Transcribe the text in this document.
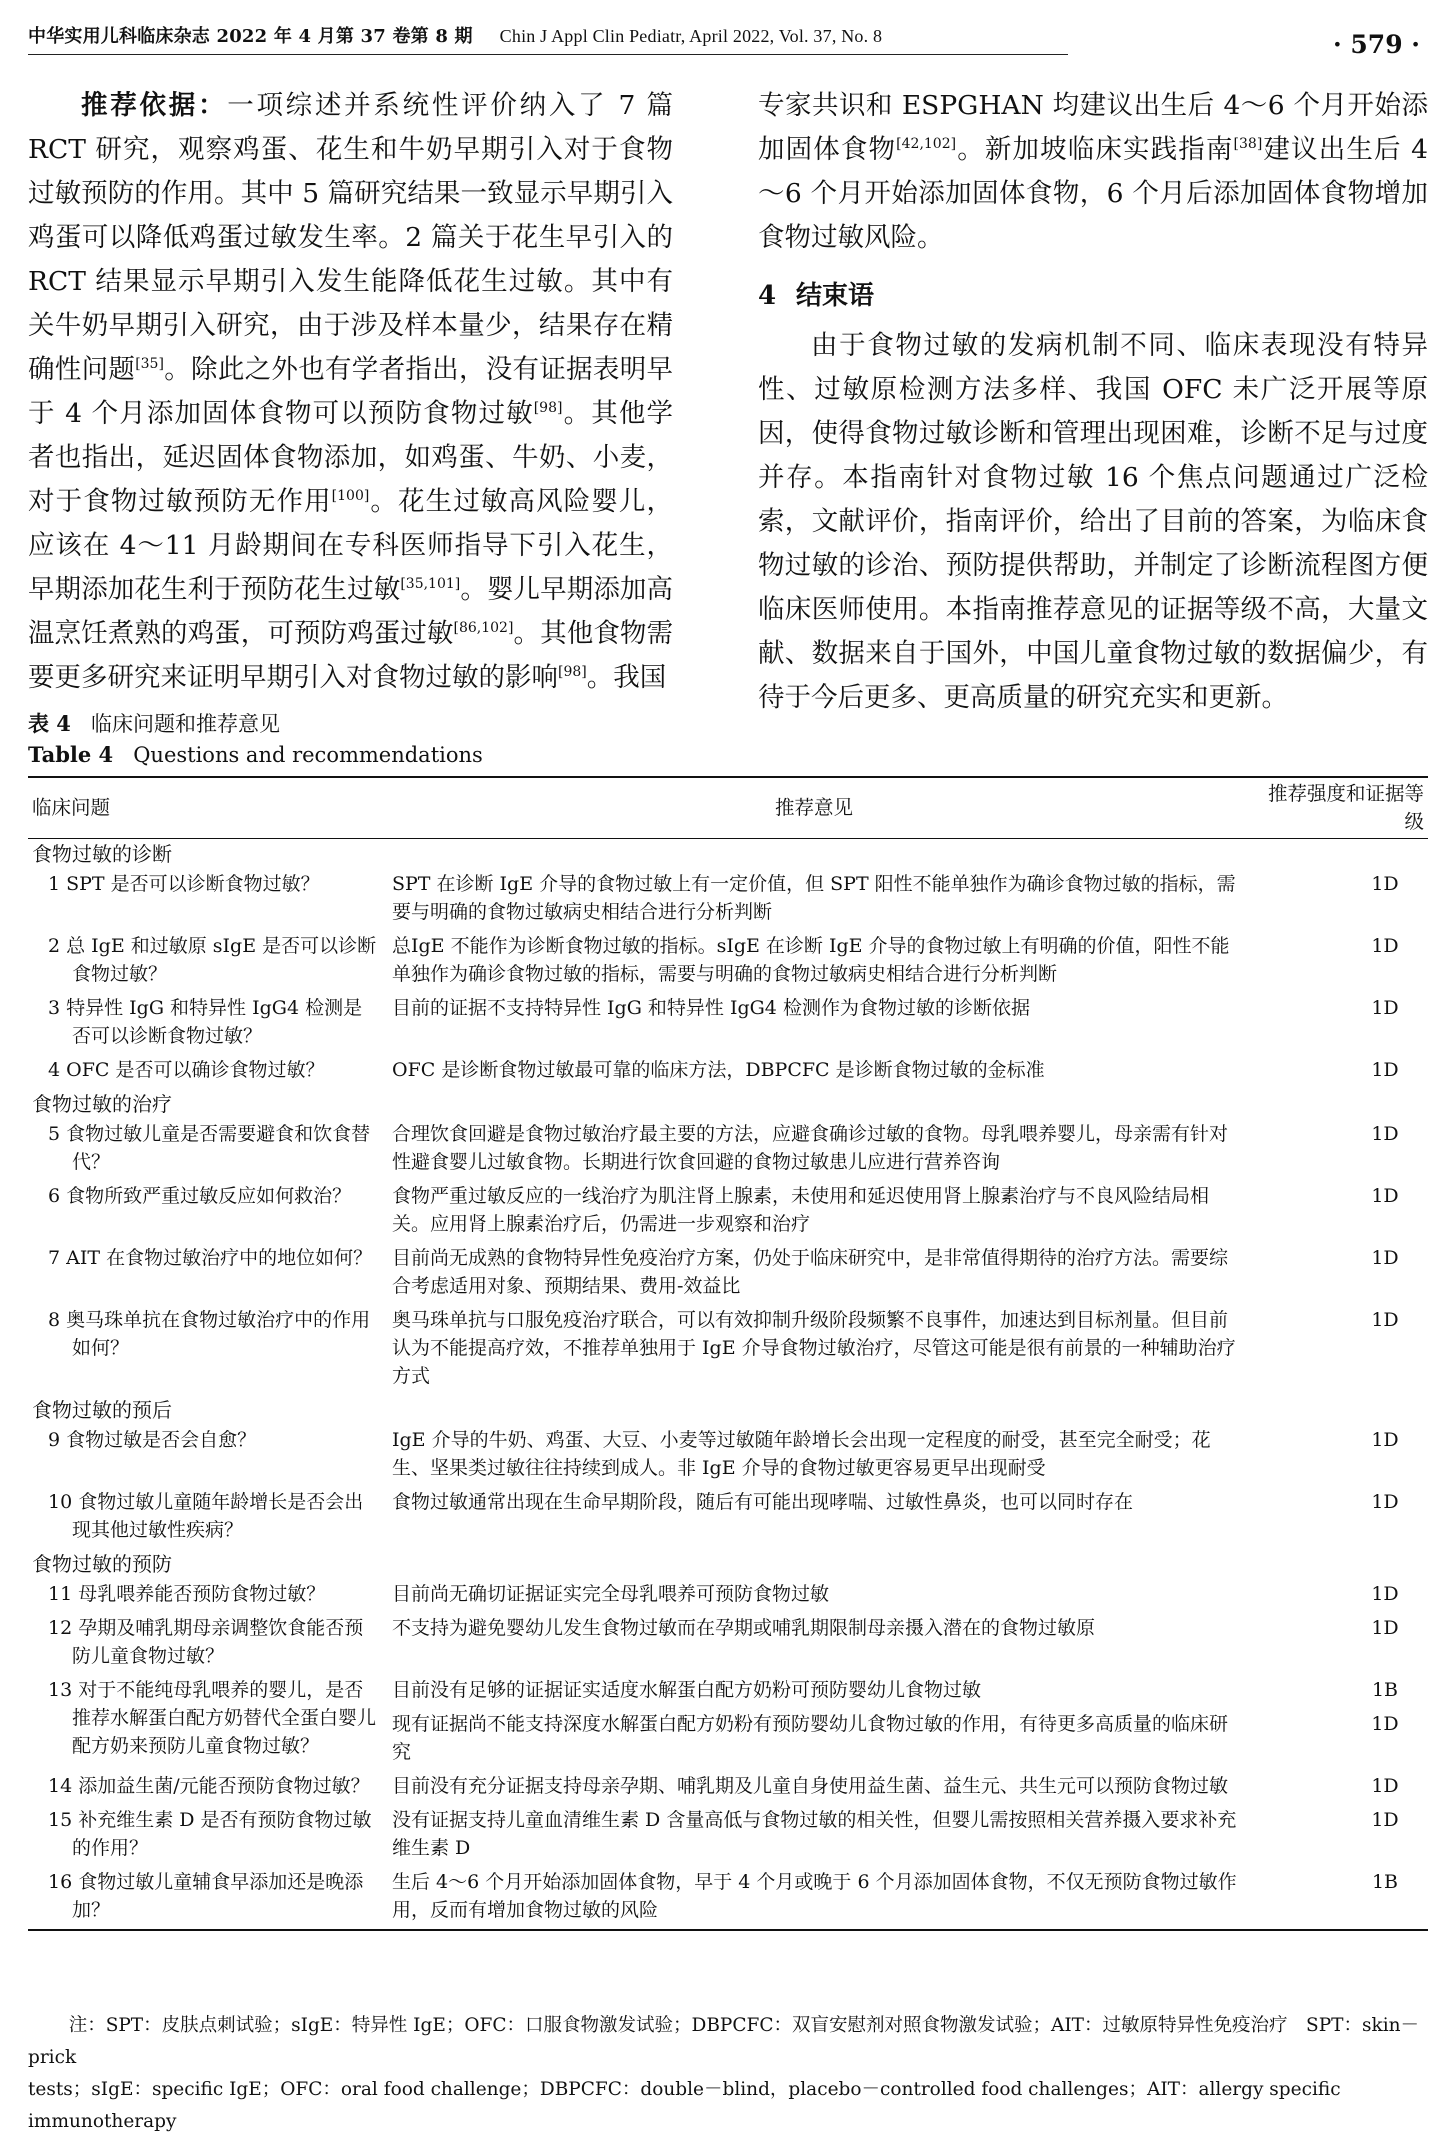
中华实用儿科临床杂志 2022 年 4 月第 37 卷第 8 期 Chin J Appl Clin Pediatr, April 2022, Vol. 37, No. 8	· 579 ·

推荐依据：一项综述并系统性评价纳入了 7 篇 RCT 研究，观察鸡蛋、花生和牛奶早期引入对于食物过敏预防的作用。其中 5 篇研究结果一致显示早期引入鸡蛋可以降低鸡蛋过敏发生率。2 篇关于花生早引入的 RCT 结果显示早期引入发生能降低花生过敏。其中有关牛奶早期引入研究，由于涉及样本量少，结果存在精确性问题[35]。除此之外也有学者指出，没有证据表明早于 4 个月添加固体食物可以预防食物过敏[98]。其他学者也指出，延迟固体食物添加，如鸡蛋、牛奶、小麦，对于食物过敏预防无作用[100]。花生过敏高风险婴儿，应该在 4～11 月龄期间在专科医师指导下引入花生，早期添加花生利于预防花生过敏[35,101]。婴儿早期添加高温烹饪煮熟的鸡蛋，可预防鸡蛋过敏[86,102]。其他食物需要更多研究来证明早期引入对食物过敏的影响[98]。我国

专家共识和 ESPGHAN 均建议出生后 4～6 个月开始添加固体食物[42,102]。新加坡临床实践指南[38]建议出生后 4～6 个月开始添加固体食物，6 个月后添加固体食物增加食物过敏风险。

4 结束语

由于食物过敏的发病机制不同、临床表现没有特异性、过敏原检测方法多样、我国 OFC 未广泛开展等原因，使得食物过敏诊断和管理出现困难，诊断不足与过度并存。本指南针对食物过敏 16 个焦点问题通过广泛检索，文献评价，指南评价，给出了目前的答案，为临床食物过敏的诊治、预防提供帮助，并制定了诊断流程图方便临床医师使用。本指南推荐意见的证据等级不高，大量文献、数据来自于国外，中国儿童食物过敏的数据偏少，有待于今后更多、更高质量的研究充实和更新。

表 4 临床问题和推荐意见
Table 4 Questions and recommendations
临床问题	推荐意见	推荐强度和证据等级
食物过敏的诊断		

1 SPT 是否可以诊断食物过敏？	SPT 在诊断 IgE 介导的食物过敏上有一定价值，但 SPT 阳性不能单独作为确诊食物过敏的指标，需要与明确的食物过敏病史相结合进行分析判断	1D

2 总 IgE 和过敏原 sIgE 是否可以诊断食物过敏？	总IgE 不能作为诊断食物过敏的指标。sIgE 在诊断 IgE 介导的食物过敏上有明确的价值，阳性不能单独作为确诊食物过敏的指标，需要与明确的食物过敏病史相结合进行分析判断	1D

3 特异性 IgG 和特异性 IgG4 检测是否可以诊断食物过敏？	目前的证据不支持特异性 IgG 和特异性 IgG4 检测作为食物过敏的诊断依据	1D

4 OFC 是否可以确诊食物过敏？	OFC 是诊断食物过敏最可靠的临床方法，DBPCFC 是诊断食物过敏的金标准	1D
食物过敏的治疗		

5 食物过敏儿童是否需要避食和饮食替代？	合理饮食回避是食物过敏治疗最主要的方法，应避食确诊过敏的食物。母乳喂养婴儿，母亲需有针对性避食婴儿过敏食物。长期进行饮食回避的食物过敏患儿应进行营养咨询	1D

6 食物所致严重过敏反应如何救治？	食物严重过敏反应的一线治疗为肌注肾上腺素，未使用和延迟使用肾上腺素治疗与不良风险结局相关。应用肾上腺素治疗后，仍需进一步观察和治疗	1D

7 AIT 在食物过敏治疗中的地位如何？	目前尚无成熟的食物特异性免疫治疗方案，仍处于临床研究中，是非常值得期待的治疗方法。需要综合考虑适用对象、预期结果、费用-效益比	1D

8 奥马珠单抗在食物过敏治疗中的作用如何？	奥马珠单抗与口服免疫治疗联合，可以有效抑制升级阶段频繁不良事件，加速达到目标剂量。但目前认为不能提高疗效，不推荐单独用于 IgE 介导食物过敏治疗，尽管这可能是很有前景的一种辅助治疗方式	1D
食物过敏的预后		

9 食物过敏是否会自愈？	IgE 介导的牛奶、鸡蛋、大豆、小麦等过敏随年龄增长会出现一定程度的耐受，甚至完全耐受；花生、坚果类过敏往往持续到成人。非 IgE 介导的食物过敏更容易更早出现耐受	1D

10 食物过敏儿童随年龄增长是否会出现其他过敏性疾病？	食物过敏通常出现在生命早期阶段，随后有可能出现哮喘、过敏性鼻炎，也可以同时存在	1D
食物过敏的预防		

11 母乳喂养能否预防食物过敏？	目前尚无确切证据证实完全母乳喂养可预防食物过敏	1D

12 孕期及哺乳期母亲调整饮食能否预防儿童食物过敏？	不支持为避免婴幼儿发生食物过敏而在孕期或哺乳期限制母亲摄入潜在的食物过敏原	1D

13 对于不能纯母乳喂养的婴儿，是否推荐水解蛋白配方奶替代全蛋白婴儿配方奶来预防儿童食物过敏？	目前没有足够的证据证实适度水解蛋白配方奶粉可预防婴幼儿食物过敏	1B
	现有证据尚不能支持深度水解蛋白配方奶粉有预防婴幼儿食物过敏的作用，有待更多高质量的临床研究	1D

14 添加益生菌/元能否预防食物过敏？	目前没有充分证据支持母亲孕期、哺乳期及儿童自身使用益生菌、益生元、共生元可以预防食物过敏	1D

15 补充维生素 D 是否有预防食物过敏的作用？	没有证据支持儿童血清维生素 D 含量高低与食物过敏的相关性，但婴儿需按照相关营养摄入要求补充维生素 D	1D

16 食物过敏儿童辅食早添加还是晚添加？	生后 4～6 个月开始添加固体食物，早于 4 个月或晚于 6 个月添加固体食物，不仅无预防食物过敏作用，反而有增加食物过敏的风险	1B
注：SPT：皮肤点刺试验；sIgE：特异性 IgE；OFC：口服食物激发试验；DBPCFC：双盲安慰剂对照食物激发试验；AIT：过敏原特异性免疫治疗　SPT：skin－prick
tests；sIgE：specific IgE；OFC：oral food challenge；DBPCFC：double－blind，placebo－controlled food challenges；AIT：allergy specific immunotherapy
